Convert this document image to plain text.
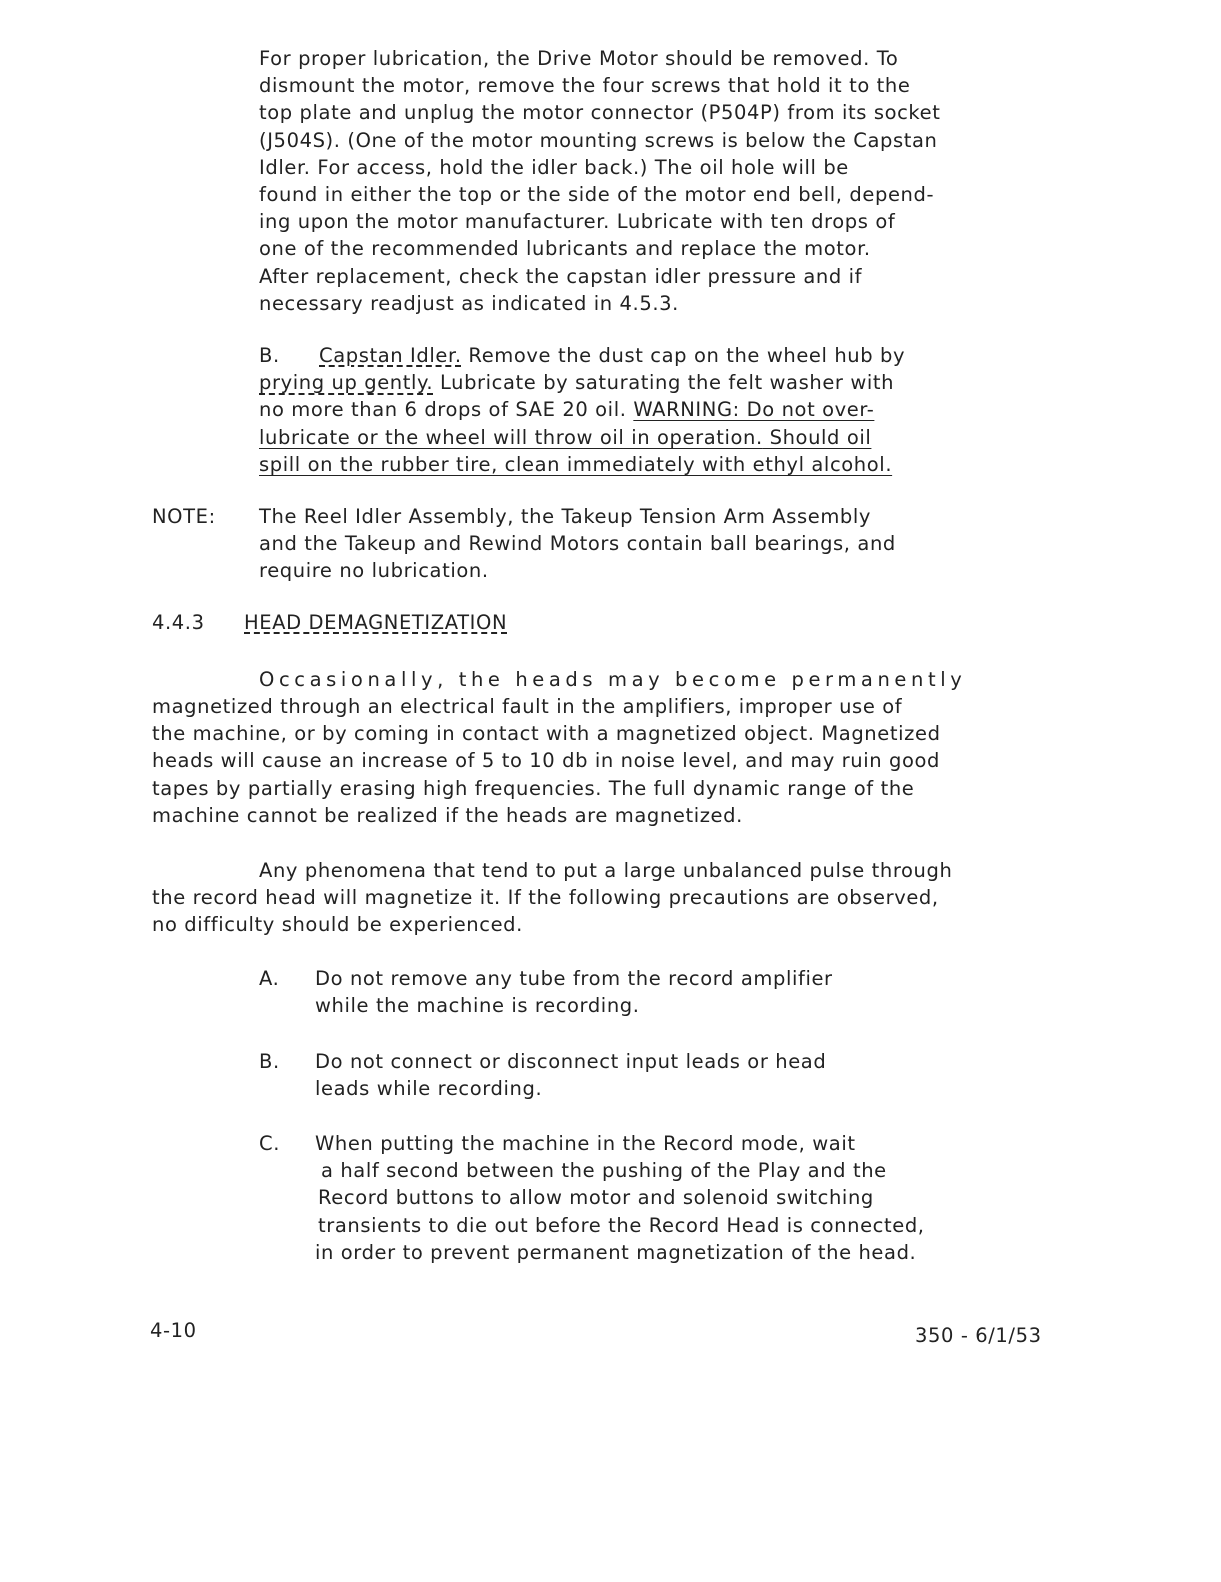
For proper lubrication, the Drive Motor should be removed. To
dismount the motor, remove the four screws that hold it to the
top plate and unplug the motor connector (P504P) from its socket
(J504S). (One of the motor mounting screws is below the Capstan
Idler. For access, hold the idler back.) The oil hole will be
found in either the top or the side of the motor end bell, depend-
ing upon the motor manufacturer. Lubricate with ten drops of
one of the recommended lubricants and replace the motor.
After replacement, check the capstan idler pressure and if
necessary readjust as indicated in 4.5.3.
B.	Capstan Idler. Remove the dust cap on the wheel hub by
prying up gently. Lubricate by saturating the felt washer with
no more than 6 drops of SAE 20 oil. WARNING: Do not over-
lubricate or the wheel will throw oil in operation. Should oil
spill on the rubber tire, clean immediately with ethyl alcohol.
NOTE: The Reel Idler Assembly, the Takeup Tension Arm Assembly
and the Takeup and Rewind Motors contain ball bearings, and
require no lubrication.
4.4.3 HEAD DEMAGNETIZATION
Occasionally, the heads may become permanently
magnetized through an electrical fault in the amplifiers, improper use of
the machine, or by coming in contact with a magnetized object. Magnetized
heads will cause an increase of 5 to 10 db in noise level, and may ruin good
tapes by partially erasing high frequencies. The full dynamic range of the
machine cannot be realized if the heads are magnetized.
Any phenomena that tend to put a large unbalanced pulse through
the record head will magnetize it. If the following precautions are observed,
no difficulty should be experienced.
A. Do not remove any tube from the record amplifier
while the machine is recording.
B. Do not connect or disconnect input leads or head
leads while recording.
C. When putting the machine in the Record mode, wait
a half second between the pushing of the Play and the
Record buttons to allow motor and solenoid switching
transients to die out before the Record Head is connected,
in order to prevent permanent magnetization of the head.
4-10	350 - 6/1/53
